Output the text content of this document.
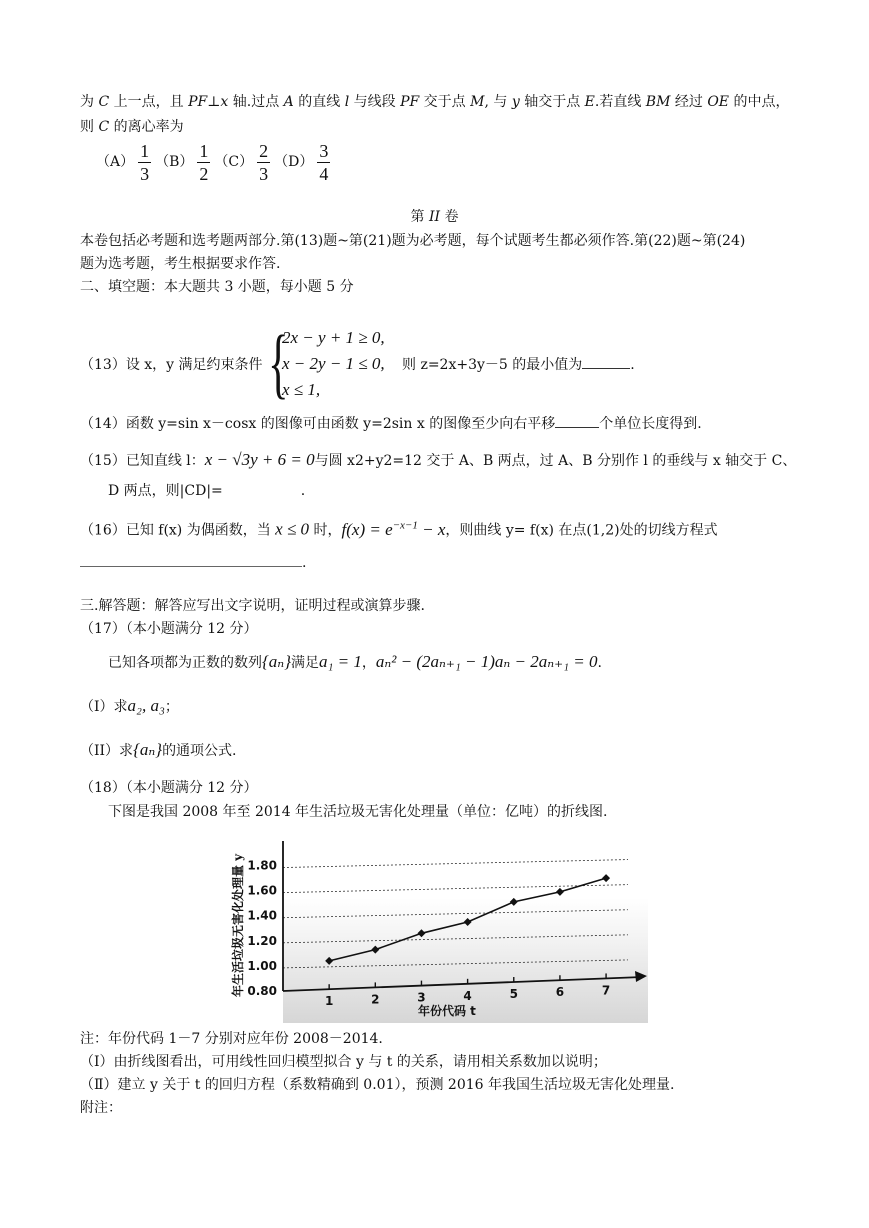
为 C 上一点，且 PF⊥x 轴.过点 A 的直线 l 与线段 PF 交于点 M, 与 y 轴交于点 E.若直线 BM 经过 OE 的中点，
则 C 的离心率为
$(A) \frac{1}{3} (B) \frac{1}{2} (C) \frac{2}{3} (D) \frac{3}{4}$
第 II 卷
本卷包括必考题和选考题两部分.第(13)题~第(21)题为必考题，每个试题考生都必须作答.第(22)题~第(24)
题为选考题，考生根据要求作答.
二、填空题：本大题共 3 小题，每小题 5 分
（13）设 x，y 满足约束条件 {
2x − y + 1 ≥ 0,
x − 2y − 1 ≤ 0,
x ≤ 1,
则 z=2x+3y－5 的最小值为	.
（14）函数 y=sin x－cosx 的图像可由函数 y=2sin x 的图像至少向右平移	个单位长度得到.
（15）已知直线 l：x − √3y + 6 = 0与圆 x2+y2=12 交于 A、B 两点，过 A、B 分别作 l 的垂线与 x 轴交于 C、
D 两点，则|CD|=	.
（16）已知 f(x) 为偶函数，当 x ≤ 0 时，$f(x) = e^{-x-1} - x$，则曲线 y= f(x) 在点(1,2)处的切线方程式
.
三.解答题：解答应写出文字说明，证明过程或演算步骤.
（17）（本小题满分 12 分）
已知各项都为正数的数列{aₙ}满足a₁ = 1，aₙ² − (2aₙ₊₁ − 1)aₙ − 2aₙ₊₁ = 0.
（I）求a₂, a₃；
（II）求{aₙ}的通项公式.
（18）（本小题满分 12 分）
下图是我国 2008 年至 2014 年生活垃圾无害化处理量（单位：亿吨）的折线图.
0.80
1.00
1.20
1.40
1.60
1.80
1	2	3	4	5	6	7
年份代码 t
年生活垃圾无害化处理量 y
注：年份代码 1－7 分别对应年份 2008－2014.
（Ⅰ）由折线图看出，可用线性回归模型拟合 y 与 t 的关系，请用相关系数加以说明；
（Ⅱ）建立 y 关于 t 的回归方程（系数精确到 0.01），预测 2016 年我国生活垃圾无害化处理量.
附注：
